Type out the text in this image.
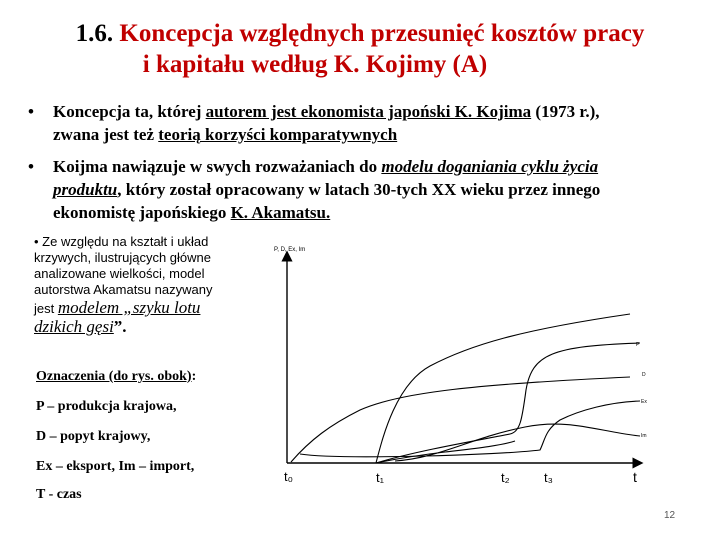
1.6. Koncepcja względnych przesunięć kosztów pracy
i kapitału według K. Kojimy (A)
• Koncepcja ta, której autorem jest ekonomista japoński K. Kojima (1973 r.),
zwana jest też teorią korzyści komparatywnych
• Koijma nawiązuje w swych rozważaniach do modelu doganiania cyklu życia
produktu, który został opracowany w latach 30-tych XX wieku przez innego
ekonomistę japońskiego K. Akamatsu.
• Ze względu na kształt i układ
krzywych, ilustrujących główne
analizowane wielkości, model
autorstwa Akamatsu nazywany
jest modelem „szyku lotu
dzikich gęsi”.
Oznaczenia (do rys. obok):
P – produkcja krajowa,
D – popyt krajowy,
Ex – eksport, Im – import,
T - czas
P, D, Ex, Im
P
D
Ex
Im
t₀	t₁	t₂	t₃	t
12
